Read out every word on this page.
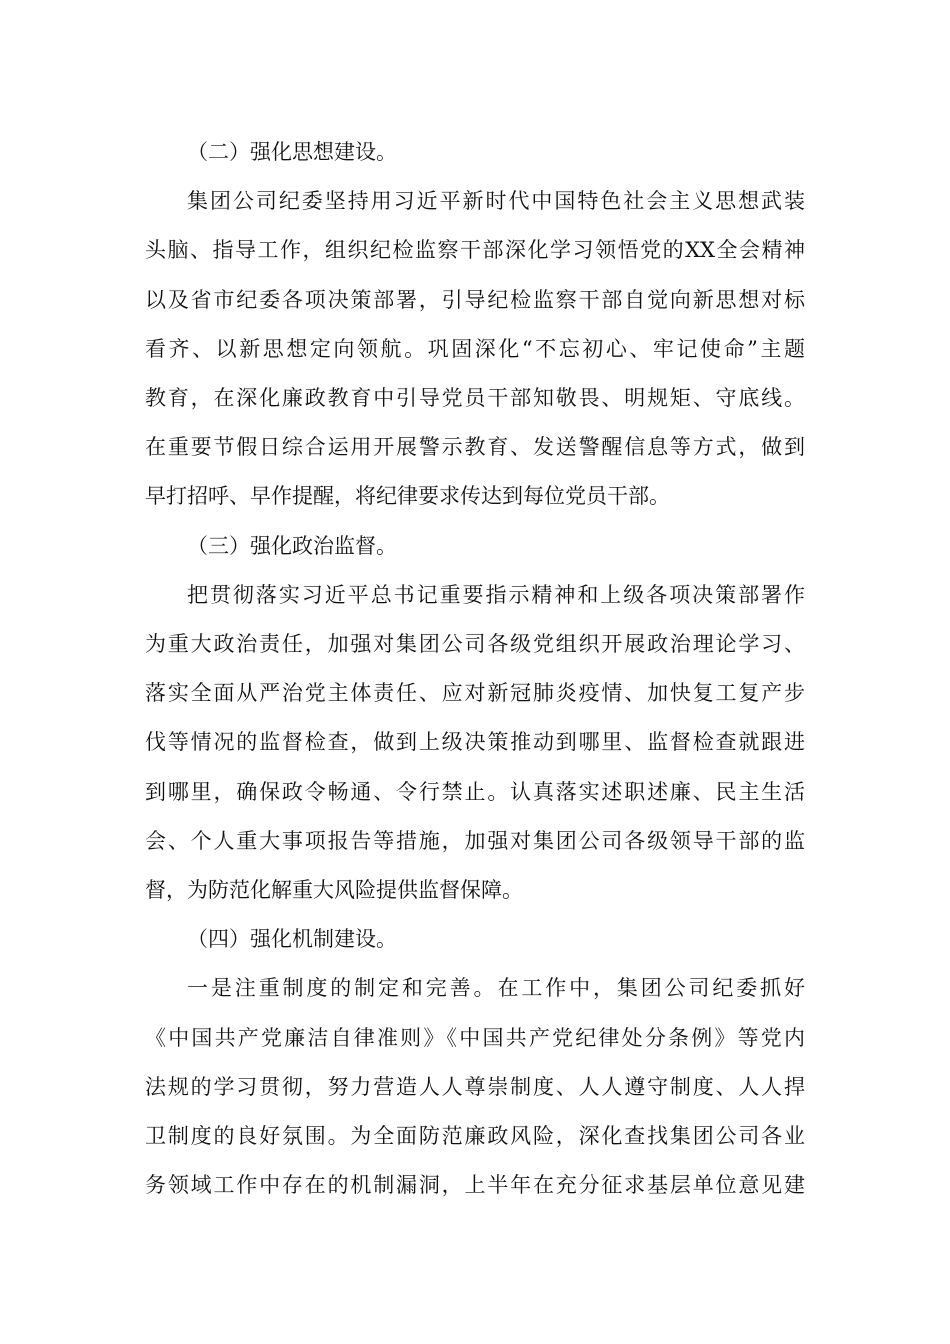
（二）强化思想建设。
集团公司纪委坚持用习近平新时代中国特色社会主义思想武装
头脑、指导工作，组织纪检监察干部深化学习领悟党的XX全会精神
以及省市纪委各项决策部署，引导纪检监察干部自觉向新思想对标
看齐、以新思想定向领航。巩固深化“不忘初心、牢记使命”主题
教育，在深化廉政教育中引导党员干部知敬畏、明规矩、守底线。
在重要节假日综合运用开展警示教育、发送警醒信息等方式，做到
早打招呼、早作提醒，将纪律要求传达到每位党员干部。
（三）强化政治监督。
把贯彻落实习近平总书记重要指示精神和上级各项决策部署作
为重大政治责任，加强对集团公司各级党组织开展政治理论学习、
落实全面从严治党主体责任、应对新冠肺炎疫情、加快复工复产步
伐等情况的监督检查，做到上级决策推动到哪里、监督检查就跟进
到哪里，确保政令畅通、令行禁止。认真落实述职述廉、民主生活
会、个人重大事项报告等措施，加强对集团公司各级领导干部的监
督，为防范化解重大风险提供监督保障。
（四）强化机制建设。
一是注重制度的制定和完善。在工作中，集团公司纪委抓好
《中国共产党廉洁自律准则》《中国共产党纪律处分条例》等党内
法规的学习贯彻，努力营造人人尊崇制度、人人遵守制度、人人捍
卫制度的良好氛围。为全面防范廉政风险，深化查找集团公司各业
务领域工作中存在的机制漏洞，上半年在充分征求基层单位意见建
